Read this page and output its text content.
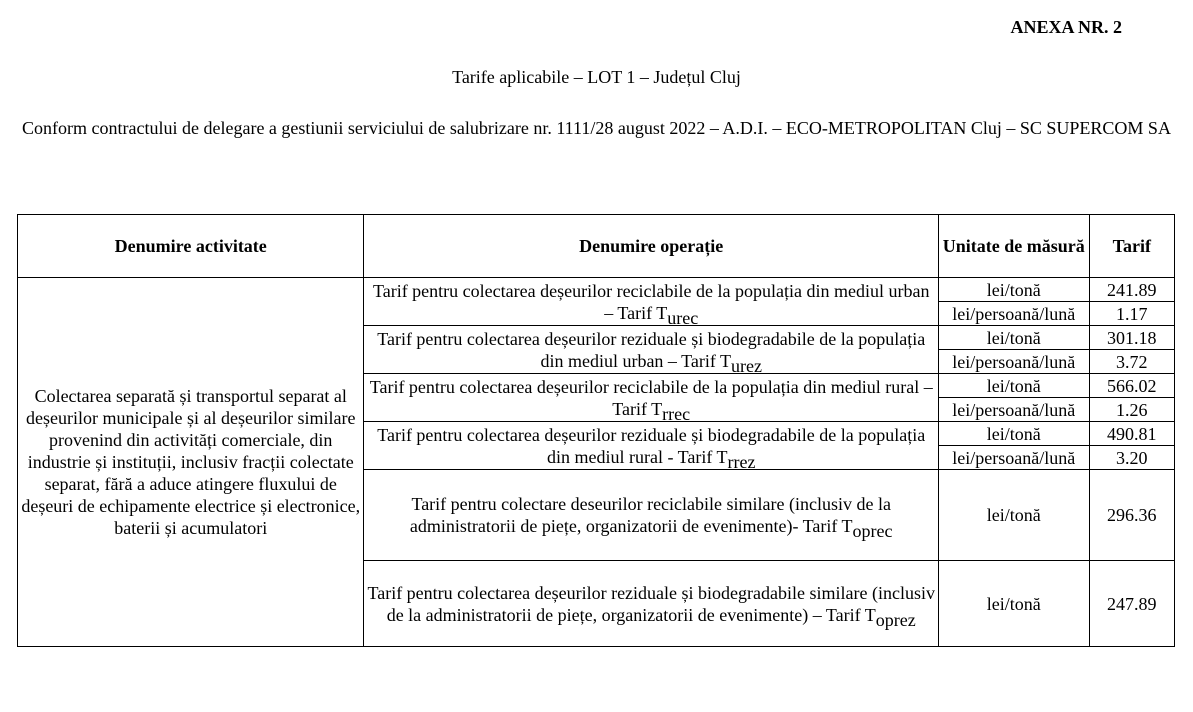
ANEXA NR. 2
Tarife aplicabile – LOT 1 – Județul Cluj
Conform contractului de delegare a gestiunii serviciului de salubrizare nr. 1111/28 august 2022 – A.D.I. – ECO-METROPOLITAN Cluj – SC SUPERCOM SA
Denumire activitate	Denumire operație	Unitate de măsură	Tarif
Colectarea separată și transportul separat al deșeurilor municipale și al deșeurilor similare provenind din activități comerciale, din industrie și instituții, inclusiv fracții colectate separat, fără a aduce atingere fluxului de deșeuri de echipamente electrice și electronice, baterii și acumulatori	Tarif pentru colectarea deșeurilor reciclabile de la populația din mediul urban – Tarif $T_{urec}$	lei/tonă	241.89
		lei/persoană/lună	1.17
	Tarif pentru colectarea deșeurilor reziduale și biodegradabile de la populația din mediul urban – Tarif $T_{urez}$	lei/tonă	301.18
		lei/persoană/lună	3.72
	Tarif pentru colectarea deșeurilor reciclabile de la populația din mediul rural – Tarif $T_{rrec}$	lei/tonă	566.02
		lei/persoană/lună	1.26
	Tarif pentru colectarea deșeurilor reziduale și biodegradabile de la populația din mediul rural - Tarif $T_{rrez}$	lei/tonă	490.81
		lei/persoană/lună	3.20
	Tarif pentru colectare deseurilor reciclabile similare (inclusiv de la administratorii de piețe, organizatorii de evenimente)- Tarif $T_{oprec}$	lei/tonă	296.36
	Tarif pentru colectarea deșeurilor reziduale și biodegradabile similare (inclusiv de la administratorii de piețe, organizatorii de evenimente) – Tarif $T_{oprez}$	lei/tonă	247.89
